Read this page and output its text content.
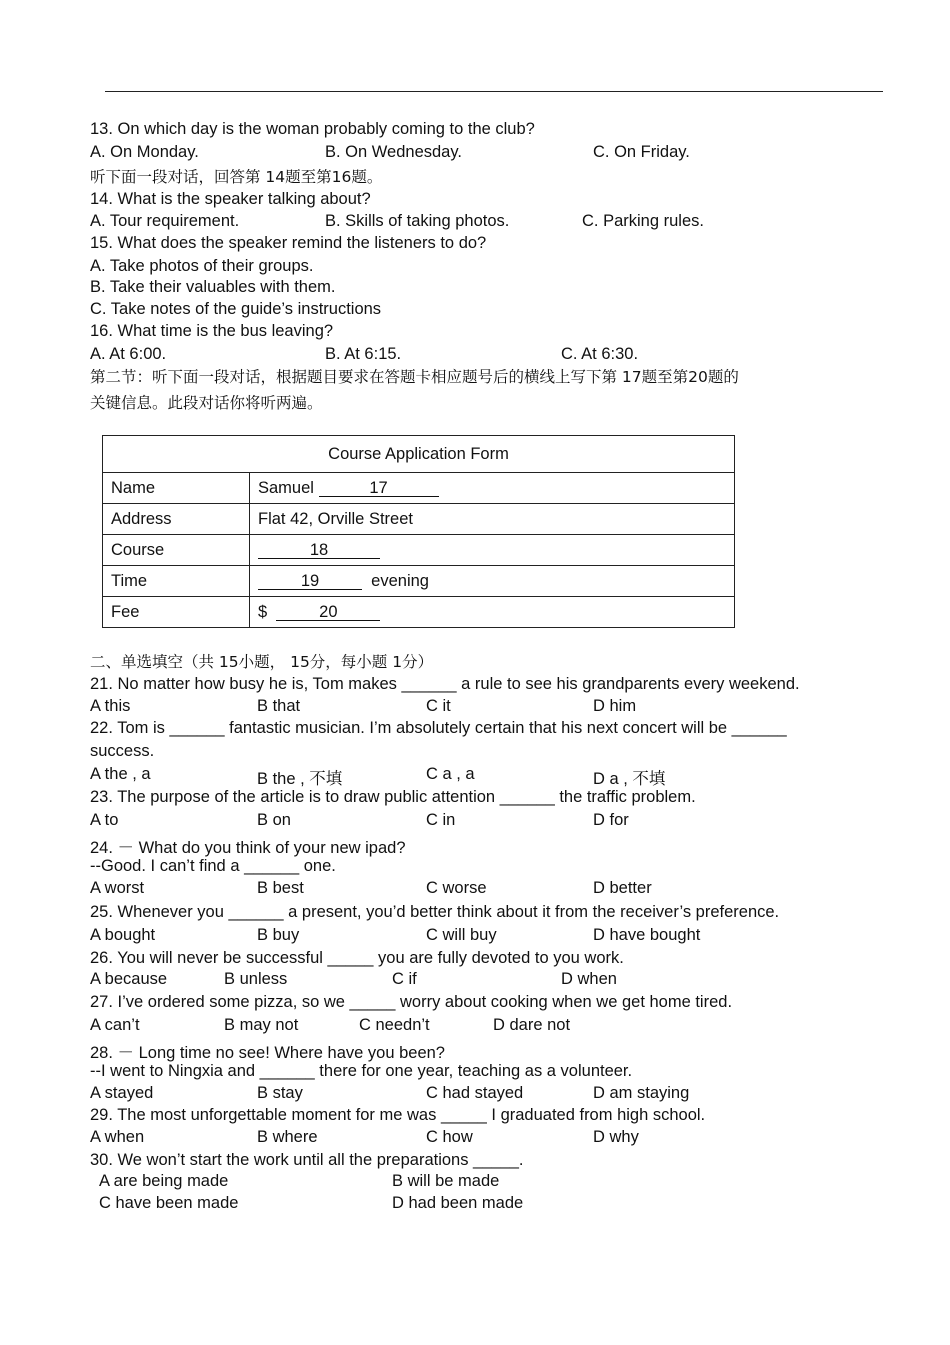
13. On which day is the woman probably coming to the club?
A. On Monday.	B. On Wednesday.	C. On Friday.
听下面一段对话，回答第 14题至第16题。
14. What is the speaker talking about?
A. Tour requirement.	B. Skills of taking photos.	C. Parking rules.
15. What does the speaker remind the listeners to do?
A. Take photos of their groups.
B. Take their valuables with them.
C. Take notes of the guide’s instructions
16. What time is the bus leaving?
A. At 6:00.	B. At 6:15.	C. At 6:30.
第二节：听下面一段对话，根据题目要求在答题卡相应题号后的横线上写下第 17题至第20题的
关键信息。此段对话你将听两遍。
Course Application Form	
Name	Samuel 17
Address	Flat 42, Orville Street
Course	18
Time	19 evening
Fee	$ 20
二、单选填空（共 15小题， 15分，每小题 1分）
21. No matter how busy he is, Tom makes ______ a rule to see his grandparents every weekend.
A this	B that	C it	D him
22. Tom is ______ fantastic musician. I’m absolutely certain that his next concert will be ______
success.
A the , a	B the , 不填	C a , a	D a , 不填
23. The purpose of the article is to draw public attention ______ the traffic problem.
A to	B on	C in	D for
24. － What do you think of your new ipad?
--Good. I can’t find a ______ one.
A worst	B best	C worse	D better
25. Whenever you ______ a present, you’d better think about it from the receiver’s preference.
A bought	B buy	C will buy	D have bought
26. You will never be successful _____ you are fully devoted to you work.
A because	B unless	C if	D when
27. I’ve ordered some pizza, so we _____ worry about cooking when we get home tired.
A can’t	B may not	C needn’t	D dare not
28. － Long time no see! Where have you been?
--I went to Ningxia and ______ there for one year, teaching as a volunteer.
A stayed	B stay	C had stayed	D am staying
29. The most unforgettable moment for me was _____ I graduated from high school.
A when	B where	C how	D why
30. We won’t start the work until all the preparations _____.
A are being made	B will be made
C have been made	D had been made
